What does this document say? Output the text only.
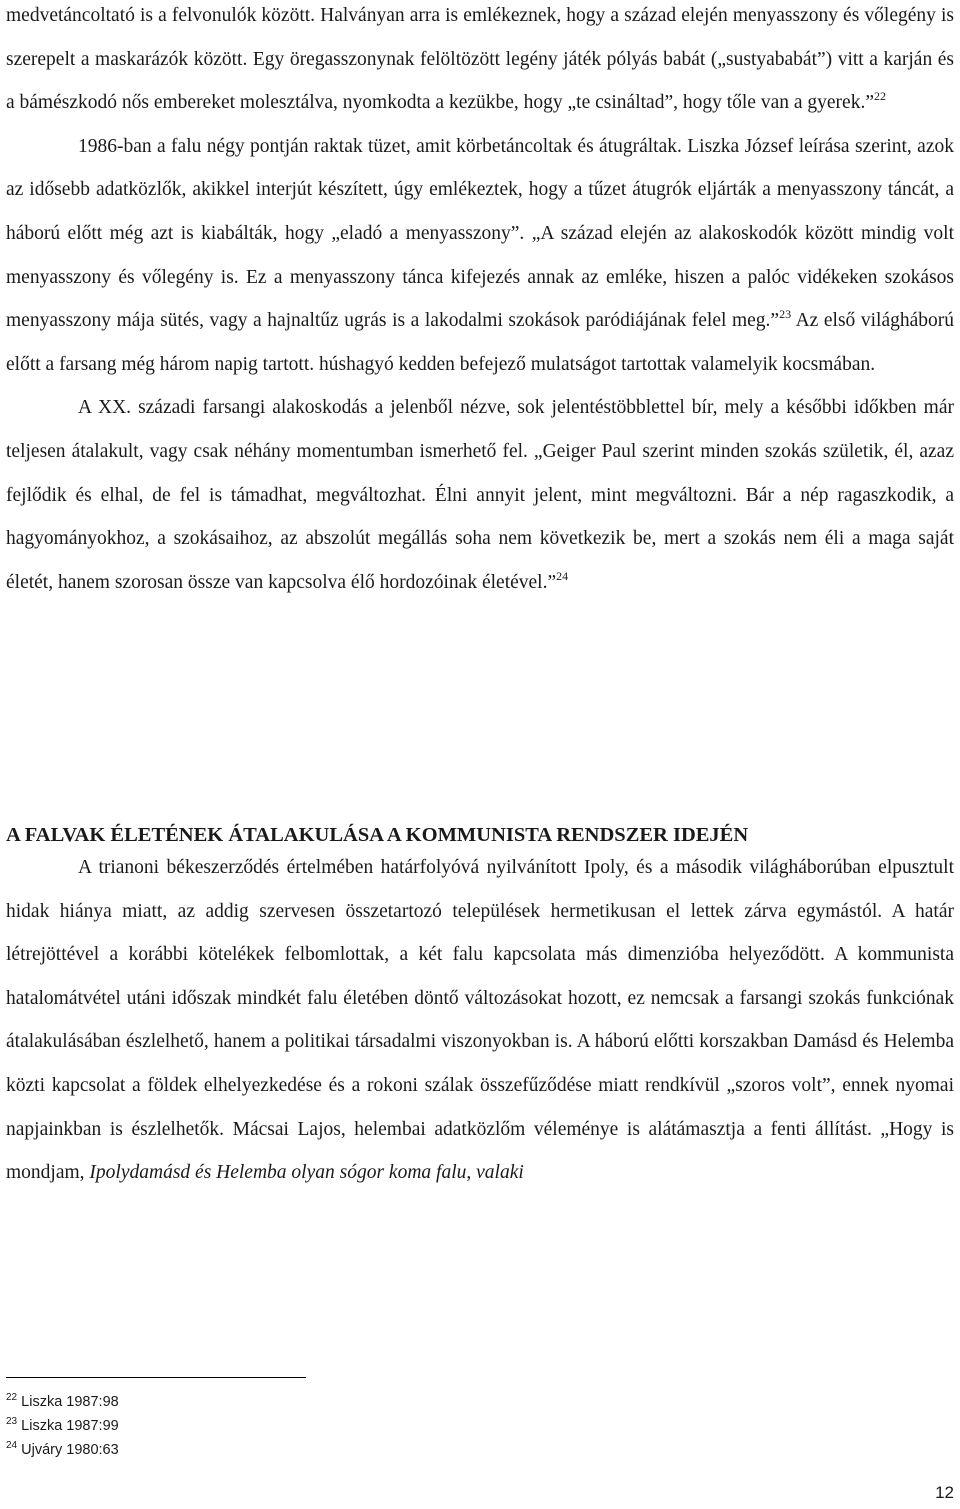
medvetáncoltató is a felvonulók között. Halványan arra is emlékeznek, hogy a század elején menyasszony és vőlegény is szerepelt a maskarázók között. Egy öregasszonynak felöltözött legény játék pólyás babát („sustyababát”) vitt a karján és a bámészkodó nős embereket molesztálva, nyomkodta a kezükbe, hogy „te csináltad”, hogy tőle van a gyerek.”$^{22}$

1986-ban a falu négy pontján raktak tüzet, amit körbetáncoltak és átugráltak. Liszka József leírása szerint, azok az idősebb adatközlők, akikkel interjút készített, úgy emlékeztek, hogy a tűzet átugrók eljárták a menyasszony táncát, a háború előtt még azt is kiabálták, hogy „eladó a menyasszony”. „A század elején az alakoskodók között mindig volt menyasszony és vőlegény is. Ez a menyasszony tánca kifejezés annak az emléke, hiszen a palóc vidékeken szokásos menyasszony mája sütés, vagy a hajnaltűz ugrás is a lakodalmi szokások paródiájának felel meg.”$^{23}$ Az első világháború előtt a farsang még három napig tartott. húshagyó kedden befejező mulatságot tartottak valamelyik kocsmában.

A XX. századi farsangi alakoskodás a jelenből nézve, sok jelentéstöbblettel bír, mely a későbbi időkben már teljesen átalakult, vagy csak néhány momentumban ismerhető fel. „Geiger Paul szerint minden szokás születik, él, azaz fejlődik és elhal, de fel is támadhat, megváltozhat. Élni annyit jelent, mint megváltozni. Bár a nép ragaszkodik, a hagyományokhoz, a szokásaihoz, az abszolút megállás soha nem következik be, mert a szokás nem éli a maga saját életét, hanem szorosan össze van kapcsolva élő hordozóinak életével.”$^{24}$

A FALVAK ÉLETÉNEK ÁTALAKULÁSA A KOMMUNISTA RENDSZER IDEJÉN

A trianoni békeszerződés értelmében határfolyóvá nyilvánított Ipoly, és a második világháborúban elpusztult hidak hiánya miatt, az addig szervesen összetartozó települések hermetikusan el lettek zárva egymástól. A határ létrejöttével a korábbi kötelékek felbomlottak, a két falu kapcsolata más dimenzióba helyeződött. A kommunista hatalomátvétel utáni időszak mindkét falu életében döntő változásokat hozott, ez nemcsak a farsangi szokás funkciónak átalakulásában észlelhető, hanem a politikai társadalmi viszonyokban is. A háború előtti korszakban Damásd és Helemba közti kapcsolat a földek elhelyezkedése és a rokoni szálak összefűződése miatt rendkívül „szoros volt”, ennek nyomai napjainkban is észlelhetők. Mácsai Lajos, helembai adatközlőm véleménye is alátámasztja a fenti állítást. „Hogy is mondjam, Ipolydamásd és Helemba olyan sógor koma falu, valaki

$^{22}$ Liszka 1987:98
$^{23}$ Liszka 1987:99
$^{24}$ Ujváry 1980:63
12
